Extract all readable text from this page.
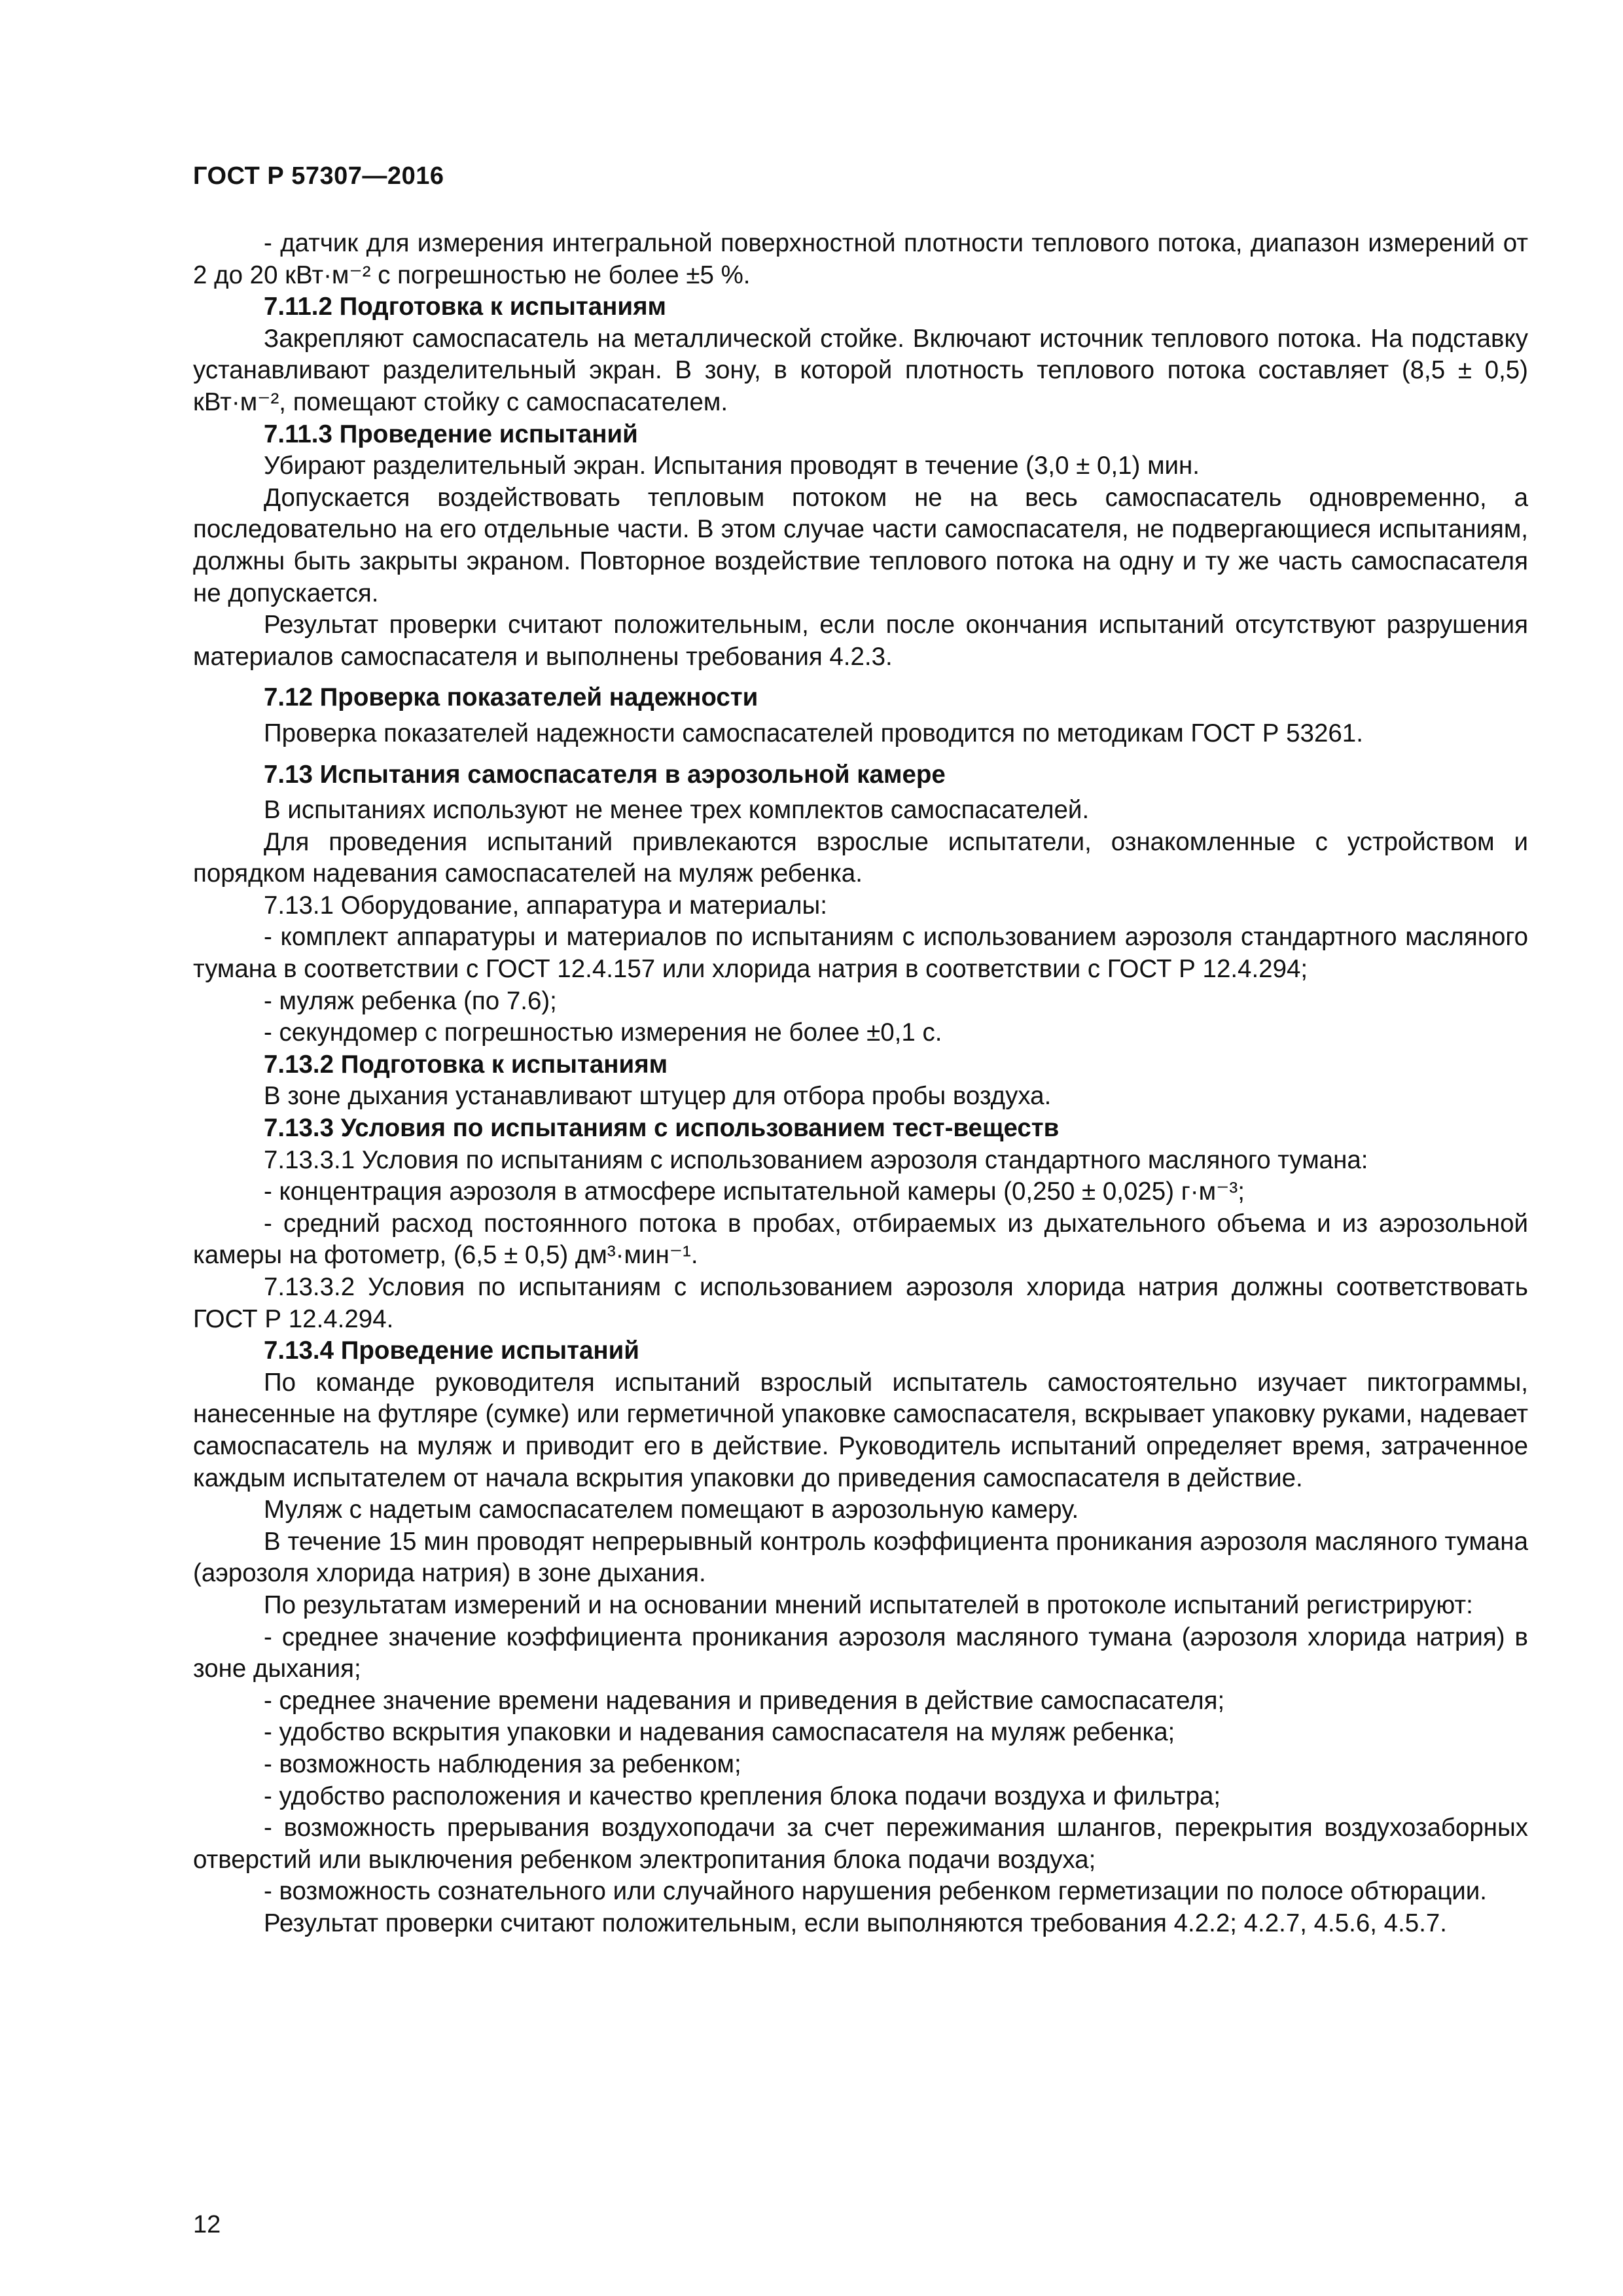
ГОСТ Р 57307—2016

- датчик для измерения интегральной поверхностной плотности теплового потока, диапазон измерений от 2 до 20 кВт·м⁻² с погрешностью не более ±5 %.

7.11.2 Подготовка к испытаниям

Закрепляют самоспасатель на металлической стойке. Включают источник теплового потока. На подставку устанавливают разделительный экран. В зону, в которой плотность теплового потока составляет (8,5 ± 0,5) кВт·м⁻², помещают стойку с самоспасателем.

7.11.3 Проведение испытаний

Убирают разделительный экран. Испытания проводят в течение (3,0 ± 0,1) мин.

Допускается воздействовать тепловым потоком не на весь самоспасатель одновременно, а последовательно на его отдельные части. В этом случае части самоспасателя, не подвергающиеся испытаниям, должны быть закрыты экраном. Повторное воздействие теплового потока на одну и ту же часть самоспасателя не допускается.

Результат проверки считают положительным, если после окончания испытаний отсутствуют разрушения материалов самоспасателя и выполнены требования 4.2.3.

7.12 Проверка показателей надежности

Проверка показателей надежности самоспасателей проводится по методикам ГОСТ Р 53261.

7.13 Испытания самоспасателя в аэрозольной камере

В испытаниях используют не менее трех комплектов самоспасателей.

Для проведения испытаний привлекаются взрослые испытатели, ознакомленные с устройством и порядком надевания самоспасателей на муляж ребенка.

7.13.1 Оборудование, аппаратура и материалы:

- комплект аппаратуры и материалов по испытаниям с использованием аэрозоля стандартного масляного тумана в соответствии с ГОСТ 12.4.157 или хлорида натрия в соответствии с ГОСТ Р 12.4.294;

- муляж ребенка (по 7.6);

- секундомер с погрешностью измерения не более ±0,1 с.

7.13.2 Подготовка к испытаниям

В зоне дыхания устанавливают штуцер для отбора пробы воздуха.

7.13.3 Условия по испытаниям с использованием тест-веществ

7.13.3.1 Условия по испытаниям с использованием аэрозоля стандартного масляного тумана:

- концентрация аэрозоля в атмосфере испытательной камеры (0,250 ± 0,025) г·м⁻³;

- средний расход постоянного потока в пробах, отбираемых из дыхательного объема и из аэрозольной камеры на фотометр, (6,5 ± 0,5) дм³·мин⁻¹.

7.13.3.2 Условия по испытаниям с использованием аэрозоля хлорида натрия должны соответствовать ГОСТ Р 12.4.294.

7.13.4 Проведение испытаний

По команде руководителя испытаний взрослый испытатель самостоятельно изучает пиктограммы, нанесенные на футляре (сумке) или герметичной упаковке самоспасателя, вскрывает упаковку руками, надевает самоспасатель на муляж и приводит его в действие. Руководитель испытаний определяет время, затраченное каждым испытателем от начала вскрытия упаковки до приведения самоспасателя в действие.

Муляж с надетым самоспасателем помещают в аэрозольную камеру.

В течение 15 мин проводят непрерывный контроль коэффициента проникания аэрозоля масляного тумана (аэрозоля хлорида натрия) в зоне дыхания.

По результатам измерений и на основании мнений испытателей в протоколе испытаний регистрируют:

- среднее значение коэффициента проникания аэрозоля масляного тумана (аэрозоля хлорида натрия) в зоне дыхания;

- среднее значение времени надевания и приведения в действие самоспасателя;

- удобство вскрытия упаковки и надевания самоспасателя на муляж ребенка;

- возможность наблюдения за ребенком;

- удобство расположения и качество крепления блока подачи воздуха и фильтра;

- возможность прерывания воздухоподачи за счет пережимания шлангов, перекрытия воздухозаборных отверстий или выключения ребенком электропитания блока подачи воздуха;

- возможность сознательного или случайного нарушения ребенком герметизации по полосе обтюрации.

Результат проверки считают положительным, если выполняются требования 4.2.2; 4.2.7, 4.5.6, 4.5.7.

12
